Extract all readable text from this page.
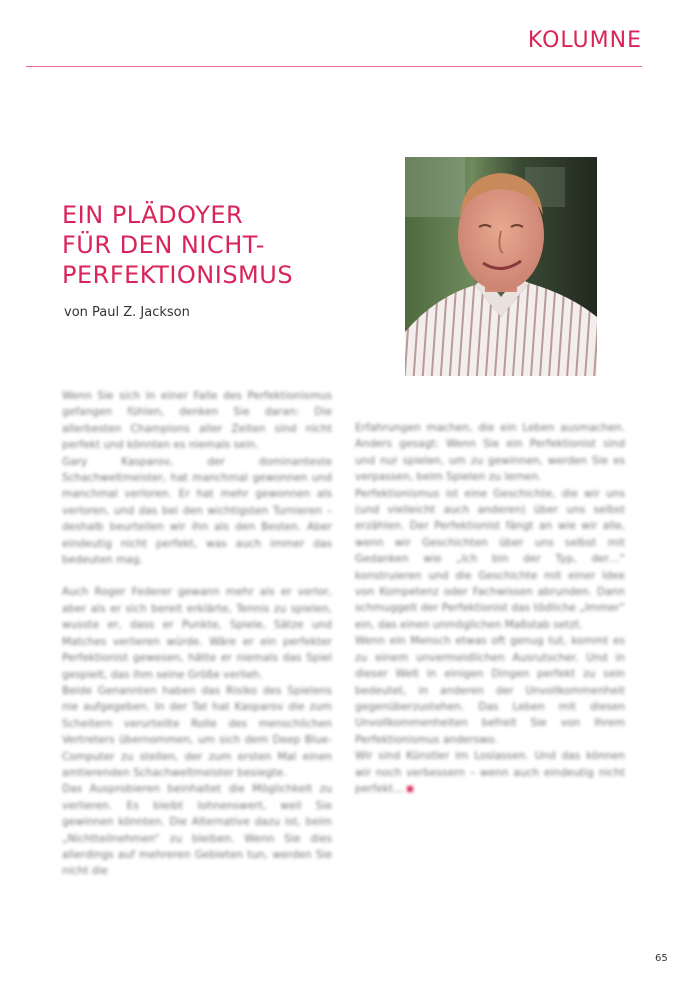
KOLUMNE
EIN PLÄDOYER
FÜR DEN NICHT-
PERFEKTIONISMUS
von Paul Z. Jackson

Wenn Sie sich in einer Falle des Perfektionismus gefangen fühlen, denken Sie daran: Die allerbesten Champions aller Zeiten sind nicht perfekt und könnten es niemals sein.

Gary Kasparov, der dominanteste Schachweltmeister, hat manchmal gewonnen und manchmal verloren. Er hat mehr gewonnen als verloren, und das bei den wichtigsten Turnieren – deshalb beurteilen wir ihn als den Besten. Aber eindeutig nicht perfekt, was auch immer das bedeuten mag.

Auch Roger Federer gewann mehr als er verlor, aber als er sich bereit erklärte, Tennis zu spielen, wusste er, dass er Punkte, Spiele, Sätze und Matches verlieren würde. Wäre er ein perfekter Perfektionist gewesen, hätte er niemals das Spiel gespielt, das ihm seine Größe verlieh.

Beide Genannten haben das Risiko des Spielens nie aufgegeben. In der Tat hat Kasparov die zum Scheitern verurteilte Rolle des menschlichen Vertreters übernommen, um sich dem Deep Blue-Computer zu stellen, der zum ersten Mal einen amtierenden Schachweltmeister besiegte.

Das Ausprobieren beinhaltet die Möglichkeit zu verlieren. Es bleibt lohnenswert, weil Sie gewinnen könnten. Die Alternative dazu ist, beim „Nichtteilnehmen“ zu bleiben. Wenn Sie dies allerdings auf mehreren Gebieten tun, werden Sie nicht die

Erfahrungen machen, die ein Leben ausmachen. Anders gesagt: Wenn Sie ein Perfektionist sind und nur spielen, um zu gewinnen, werden Sie es verpassen, beim Spielen zu lernen.

Perfektionismus ist eine Geschichte, die wir uns (und vielleicht auch anderen) über uns selbst erzählen. Der Perfektionist fängt an wie wir alle, wenn wir Geschichten über uns selbst mit Gedanken wie „Ich bin der Typ, der…“ konstruieren und die Geschichte mit einer Idee von Kompetenz oder Fachwissen abrunden. Dann schmuggelt der Perfektionist das tödliche „Immer“ ein, das einen unmöglichen Maßstab setzt.

Wenn ein Mensch etwas oft genug tut, kommt es zu einem unvermeidlichen Ausrutscher. Und in dieser Welt in einigen Dingen perfekt zu sein bedeutet, in anderen der Unvollkommenheit gegenüberzustehen. Das Leben mit diesen Unvollkommenheiten befreit Sie von Ihrem Perfektionismus anderswo.

Wir sind Künstler im Loslassen. Und das können wir noch verbessern – wenn auch eindeutig nicht perfekt…

65
